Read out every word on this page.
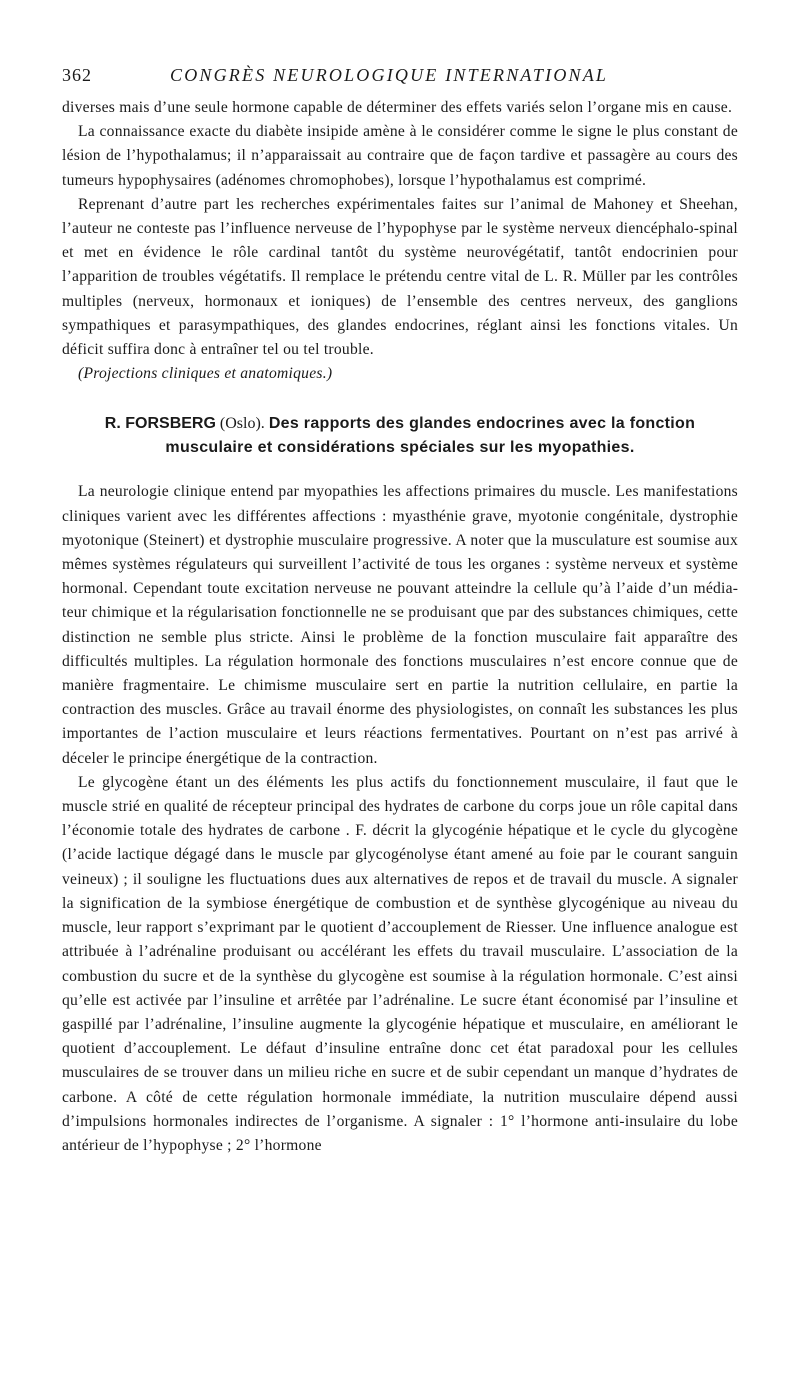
362	CONGRÈS NEUROLOGIQUE INTERNATIONAL

diverses mais d’une seule hormone capable de déterminer des effets variés selon l’organe mis en cause.

La connaissance exacte du diabète insipide amène à le considérer comme le signe le plus constant de lésion de l’hypothalamus; il n’apparaissait au contraire que de façon tardive et passagère au cours des tumeurs hypophysaires (adénomes chromophobes), lorsque l’hypothalamus est comprimé.

Reprenant d’autre part les recherches expérimentales faites sur l’animal de Mahoney et Sheehan, l’auteur ne conteste pas l’influence nerveuse de l’hypophyse par le système nerveux diencéphalo-spinal et met en évidence le rôle cardinal tantôt du système neurovégétatif, tantôt endocrinien pour l’apparition de troubles végétatifs. Il remplace le prétendu centre vital de L. R. Müller par les contrôles multiples (nerveux, hormonaux et ioniques) de l’ensemble des centres nerveux, des ganglions sympathiques et parasympathiques, des glandes endocrines, réglant ainsi les fonctions vitales. Un déficit suffira donc à entraîner tel ou tel trouble.

(Projections cliniques et anatomiques.)

R. FORSBERG (Oslo). Des rapports des glandes endocrines avec la fonction musculaire et considérations spéciales sur les myopathies.

La neurologie clinique entend par myopathies les affections primaires du muscle. Les manifestations cliniques varient avec les différentes affections : myasthénie grave, myotonie congénitale, dystrophie myotonique (Steinert) et dystrophie musculaire progressive. A noter que la musculature est soumise aux mêmes systèmes régulateurs qui surveillent l’activité de tous les organes : système nerveux et système hormonal. Cependant toute excitation nerveuse ne pouvant atteindre la cellule qu’à l’aide d’un médiateur chimique et la régularisation fonctionnelle ne se produisant que par des substances chimiques, cette distinction ne semble plus stricte. Ainsi le problème de la fonction musculaire fait apparaître des difficultés multiples. La régulation hormonale des fonctions musculaires n’est encore connue que de manière fragmentaire. Le chimisme musculaire sert en partie la nutrition cellulaire, en partie la contraction des muscles. Grâce au travail énorme des physiologistes, on connaît les substances les plus importantes de l’action musculaire et leurs réactions fermentatives. Pourtant on n’est pas arrivé à déceler le principe énergétique de la contraction.

Le glycogène étant un des éléments les plus actifs du fonctionnement musculaire, il faut que le muscle strié en qualité de récepteur principal des hydrates de carbone du corps joue un rôle capital dans l’économie totale des hydrates de carbone . F. décrit la glycogénie hépatique et le cycle du glycogène (l’acide lactique dégagé dans le muscle par glycogénolyse étant amené au foie par le courant sanguin veineux) ; il souligne les fluctuations dues aux alternatives de repos et de travail du muscle. A signaler la signification de la symbiose énergétique de combustion et de synthèse glycogénique au niveau du muscle, leur rapport s’exprimant par le quotient d’accouplement de Riesser. Une influence analogue est attribuée à l’adrénaline produisant ou accélérant les effets du travail musculaire. L’association de la combustion du sucre et de la synthèse du glycogène est soumise à la régulation hormonale. C’est ainsi qu’elle est activée par l’insuline et arrêtée par l’adrénaline. Le sucre étant économisé par l’insuline et gaspillé par l’adrénaline, l’insuline augmente la glycogénie hépatique et musculaire, en améliorant le quotient d’accouplement. Le défaut d’insuline entraîne donc cet état paradoxal pour les cellules musculaires de se trouver dans un milieu riche en sucre et de subir cependant un manque d’hydrates de carbone. A côté de cette régulation hormonale immédiate, la nutrition musculaire dépend aussi d’impulsions hormonales indirectes de l’organisme. A signaler : 1° l’hormone anti-insulaire du lobe antérieur de l’hypophyse ; 2° l’hormone
